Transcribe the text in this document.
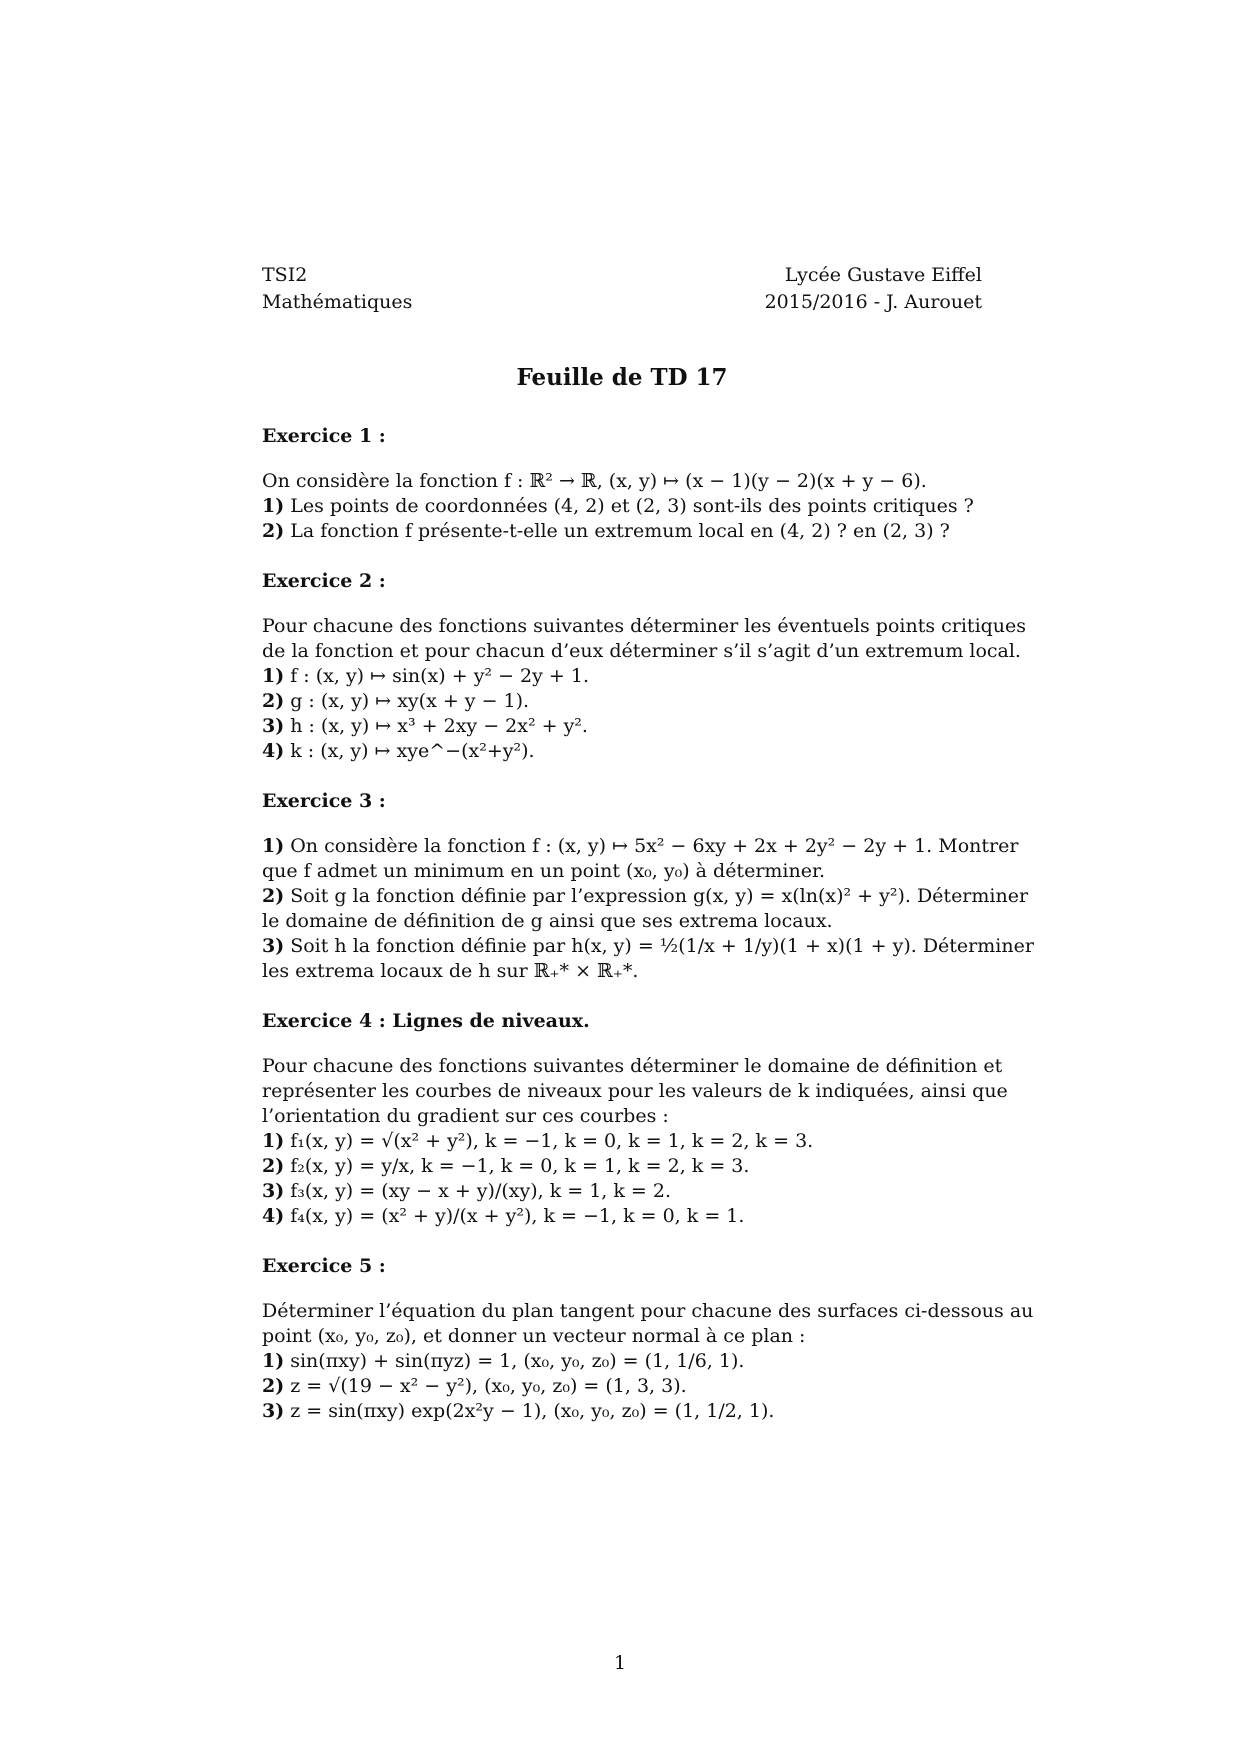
TSI2
Mathématiques
Lycée Gustave Eiffel
2015/2016 - J. Aurouet
Feuille de TD 17
Exercice 1 :
On considère la fonction f : ℝ² → ℝ, (x, y) ↦ (x − 1)(y − 2)(x + y − 6).
1) Les points de coordonnées (4, 2) et (2, 3) sont-ils des points critiques ?
2) La fonction f présente-t-elle un extremum local en (4, 2) ? en (2, 3) ?
Exercice 2 :
Pour chacune des fonctions suivantes déterminer les éventuels points critiques
de la fonction et pour chacun d’eux déterminer s’il s’agit d’un extremum local.
1) f : (x, y) ↦ sin(x) + y² − 2y + 1.
2) g : (x, y) ↦ xy(x + y − 1).
3) h : (x, y) ↦ x³ + 2xy − 2x² + y².
4) k : (x, y) ↦ xye^−(x²+y²).
Exercice 3 :
1) On considère la fonction f : (x, y) ↦ 5x² − 6xy + 2x + 2y² − 2y + 1. Montrer
que f admet un minimum en un point (x₀, y₀) à déterminer.
2) Soit g la fonction définie par l’expression g(x, y) = x(ln(x)² + y²). Déterminer
le domaine de définition de g ainsi que ses extrema locaux.
3) Soit h la fonction définie par h(x, y) = ½(1/x + 1/y)(1 + x)(1 + y). Déterminer
les extrema locaux de h sur ℝ₊* × ℝ₊*.
Exercice 4 : Lignes de niveaux.
Pour chacune des fonctions suivantes déterminer le domaine de définition et
représenter les courbes de niveaux pour les valeurs de k indiquées, ainsi que
l’orientation du gradient sur ces courbes :
1) f₁(x, y) = √(x² + y²), k = −1, k = 0, k = 1, k = 2, k = 3.
2) f₂(x, y) = y/x, k = −1, k = 0, k = 1, k = 2, k = 3.
3) f₃(x, y) = (xy − x + y)/(xy), k = 1, k = 2.
4) f₄(x, y) = (x² + y)/(x + y²), k = −1, k = 0, k = 1.
Exercice 5 :
Déterminer l’équation du plan tangent pour chacune des surfaces ci-dessous au
point (x₀, y₀, z₀), et donner un vecteur normal à ce plan :
1) sin(πxy) + sin(πyz) = 1, (x₀, y₀, z₀) = (1, 1/6, 1).
2) z = √(19 − x² − y²), (x₀, y₀, z₀) = (1, 3, 3).
3) z = sin(πxy) exp(2x²y − 1), (x₀, y₀, z₀) = (1, 1/2, 1).
1
